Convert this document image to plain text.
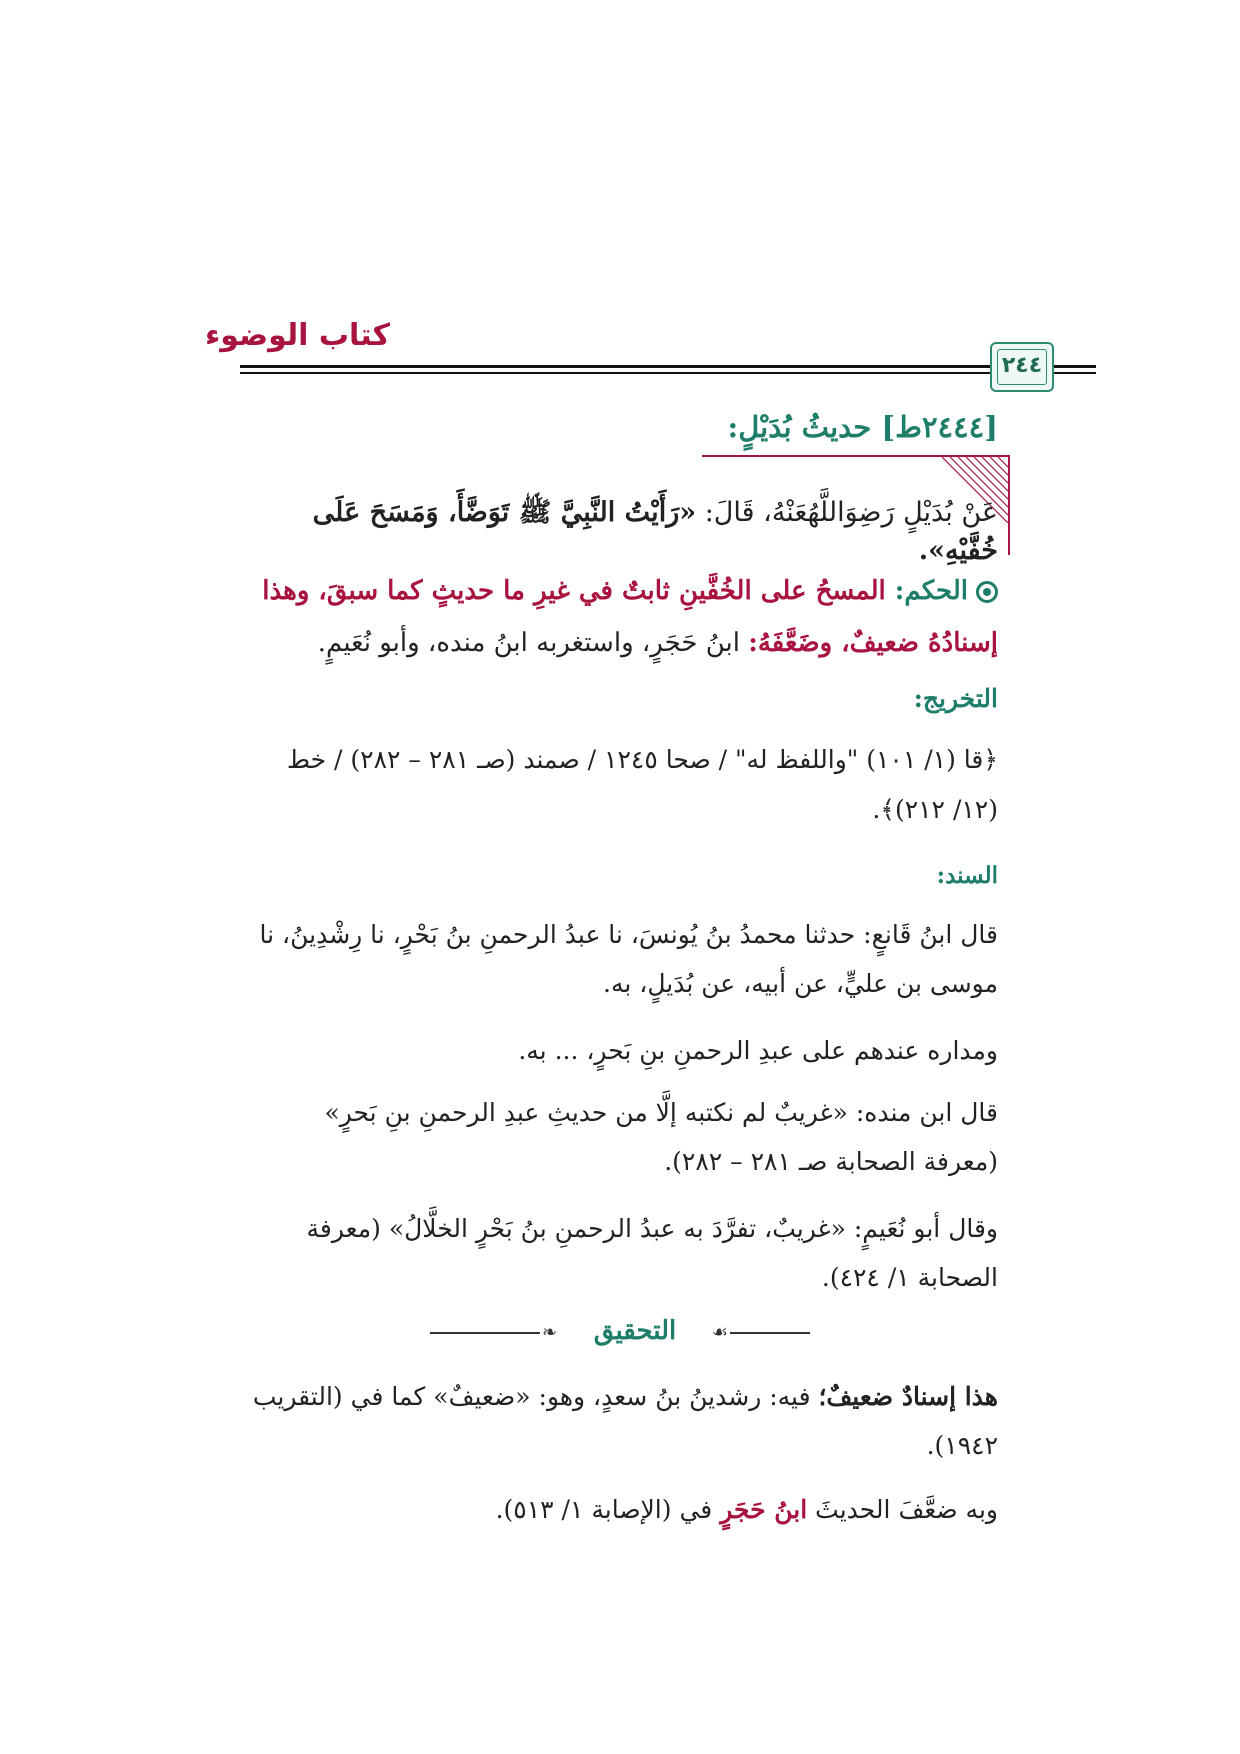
كتاب الوضوء
٢٤٤
[٢٤٤٤ط] حديثُ بُدَيْلٍ:
عَنْ بُدَيْلٍ رَضِوَاللَّهُعَنْهُ، قَالَ: «رَأَيْتُ النَّبِيَّ ﷺ تَوَضَّأَ، وَمَسَحَ عَلَى خُفَّيْهِ».
الحكم: المسحُ على الخُفَّينِ ثابتٌ في غيرِ ما حديثٍ كما سبقَ، وهذا إسنادُهُ ضعيفٌ، وضَعَّفَهُ: ابنُ حَجَرٍ، واستغربه ابنُ منده، وأبو نُعَيمٍ.
التخريج:
﴿قا (١/ ١٠١) "واللفظ له" / صحا ١٢٤٥ / صمند (صـ ٢٨١ – ٢٨٢) / خط (١٢/ ٢١٢)﴾.
السند:
قال ابنُ قَانعٍ: حدثنا محمدُ بنُ يُونسَ، نا عبدُ الرحمنِ بنُ بَحْرٍ، نا رِشْدِينُ، نا موسى بن عليٍّ، عن أبيه، عن بُدَيلٍ، به.
ومداره عندهم على عبدِ الرحمنِ بنِ بَحرٍ، ... به.
قال ابن منده: «غريبٌ لم نكتبه إلَّا من حديثِ عبدِ الرحمنِ بنِ بَحرٍ» (معرفة الصحابة صـ ٢٨١ – ٢٨٢).
وقال أبو نُعَيمٍ: «غريبٌ، تفرَّدَ به عبدُ الرحمنِ بنُ بَحْرٍ الخلَّالُ» (معرفة الصحابة ١/ ٤٢٤).
❧	التحقيق	☙
هذا إسنادٌ ضعيفٌ؛ فيه: رشدينُ بنُ سعدٍ، وهو: «ضعيفٌ» كما في (التقريب ١٩٤٢).
وبه ضعَّفَ الحديثَ ابنُ حَجَرٍ في (الإصابة ١/ ٥١٣).
